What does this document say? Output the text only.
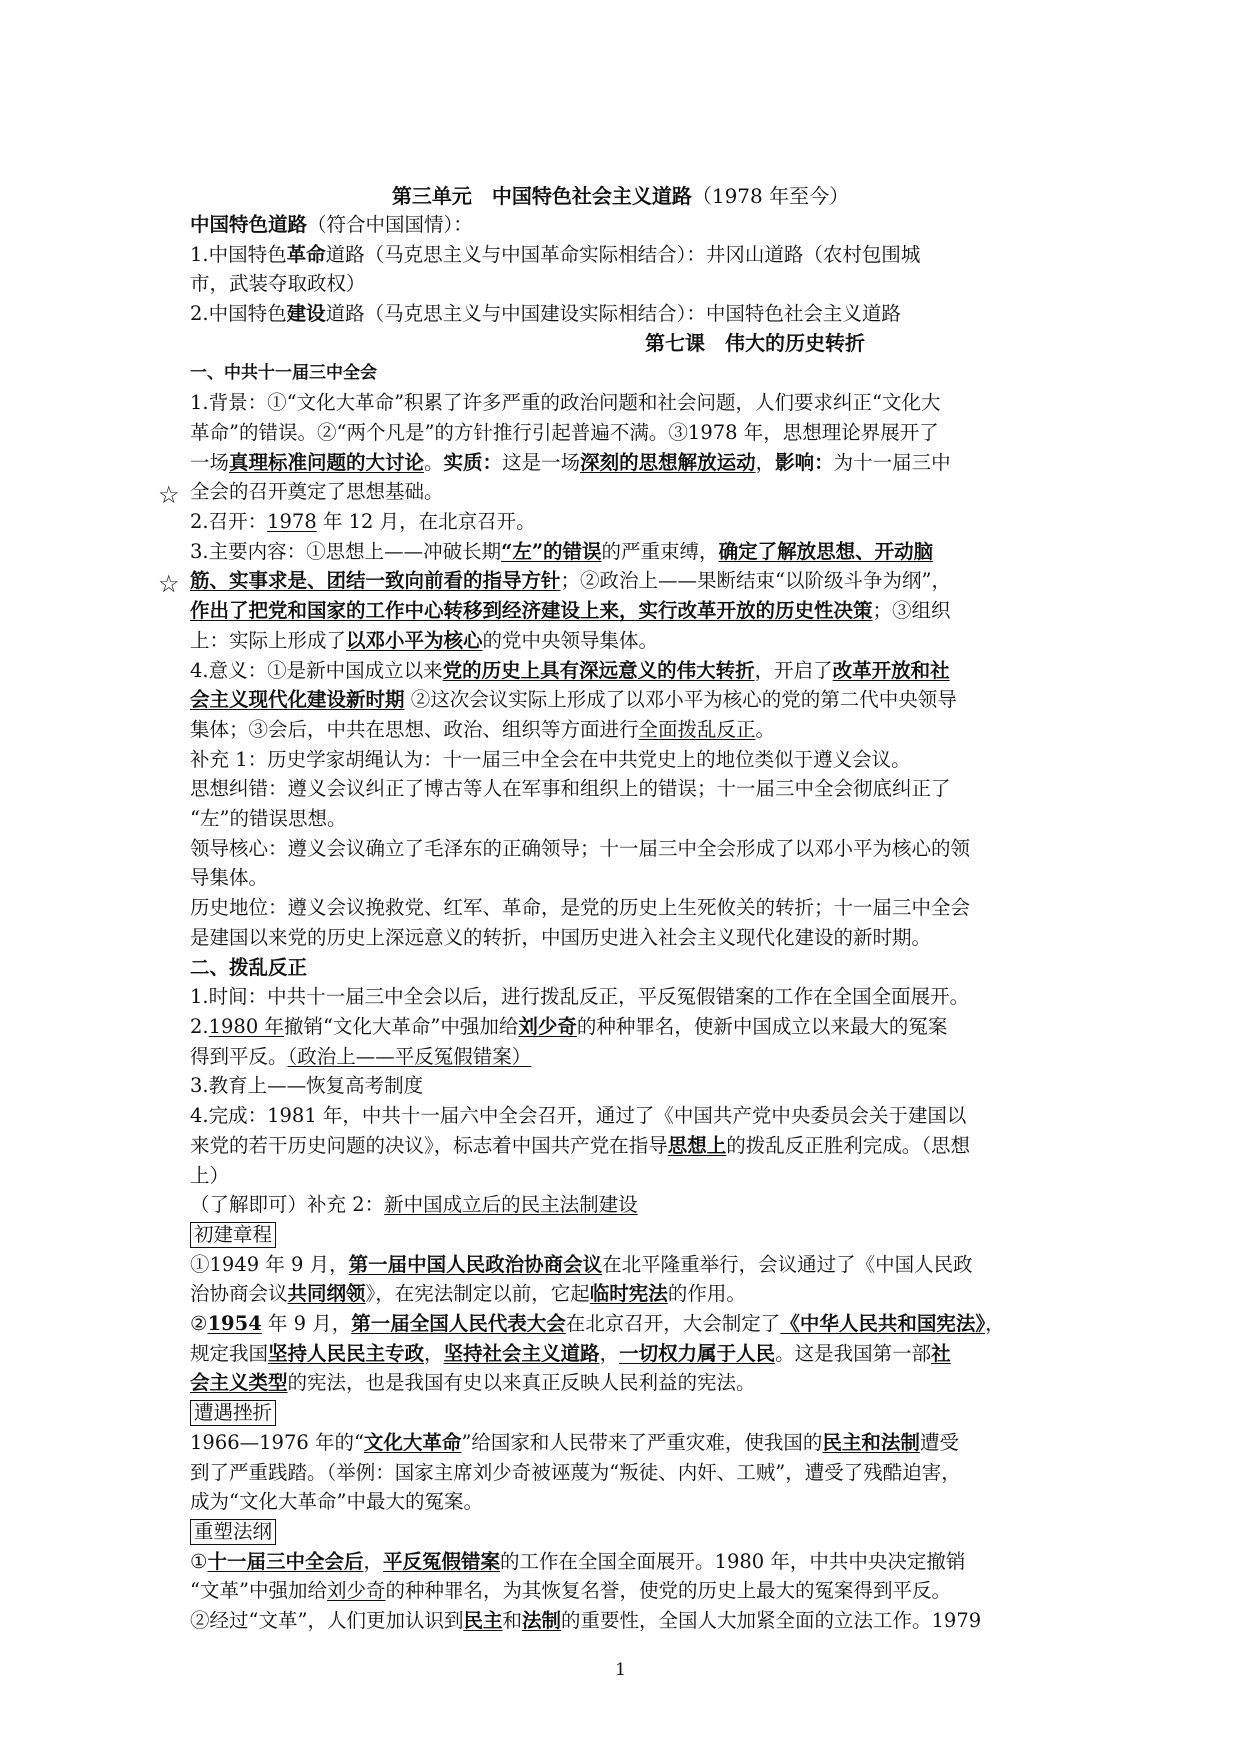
第三单元　 中国特色社会主义道路（1978 年至今）

中国特色道路（符合中国国情）：

1.中国特色革命道路（马克思主义与中国革命实际相结合）：井冈山道路（农村包围城

市，武装夺取政权）

2.中国特色建设道路（马克思主义与中国建设实际相结合）：中国特色社会主义道路

第七课　伟大的历史转折

一、中共十一届三中全会

1.背景：①“文化大革命”积累了许多严重的政治问题和社会问题，人们要求纠正“文化大

革命”的错误。②“两个凡是”的方针推行引起普遍不满。③1978 年，思想理论界展开了

一场真理标准问题的大讨论。实质：这是一场深刻的思想解放运动，影响：为十一届三中

全会的召开奠定了思想基础。

2.召开：1978 年 12 月，在北京召开。

3.主要内容：①思想上——冲破长期“左”的错误的严重束缚，确定了解放思想、开动脑

筋、实事求是、团结一致向前看的指导方针；②政治上——果断结束“以阶级斗争为纲”，

作出了把党和国家的工作中心转移到经济建设上来，实行改革开放的历史性决策；③组织

上：实际上形成了以邓小平为核心的党中央领导集体。

4.意义：①是新中国成立以来党的历史上具有深远意义的伟大转折，开启了改革开放和社

会主义现代化建设新时期 ②这次会议实际上形成了以邓小平为核心的党的第二代中央领导

集体；③会后，中共在思想、政治、组织等方面进行全面拨乱反正。

补充 1：历史学家胡绳认为：十一届三中全会在中共党史上的地位类似于遵义会议。

思想纠错：遵义会议纠正了博古等人在军事和组织上的错误；十一届三中全会彻底纠正了

“左”的错误思想。

领导核心：遵义会议确立了毛泽东的正确领导；十一届三中全会形成了以邓小平为核心的领

导集体。

历史地位：遵义会议挽救党、红军、革命，是党的历史上生死攸关的转折；十一届三中全会

是建国以来党的历史上深远意义的转折，中国历史进入社会主义现代化建设的新时期。

二、拨乱反正

1.时间：中共十一届三中全会以后，进行拨乱反正，平反冤假错案的工作在全国全面展开。

2.1980 年撤销“文化大革命”中强加给刘少奇的种种罪名，使新中国成立以来最大的冤案

得到平反。（政治上——平反冤假错案）

3.教育上——恢复高考制度

4.完成：1981 年，中共十一届六中全会召开，通过了《中国共产党中央委员会关于建国以

来党的若干历史问题的决议》，标志着中国共产党在指导思想上的拨乱反正胜利完成。（思想

上）

（了解即可）补充 2：新中国成立后的民主法制建设

初建章程

①1949 年 9 月，第一届中国人民政治协商会议在北平隆重举行，会议通过了《中国人民政

治协商会议共同纲领》，在宪法制定以前，它起临时宪法的作用。

②1954 年 9 月，第一届全国人民代表大会在北京召开，大会制定了《中华人民共和国宪法》，

规定我国坚持人民民主专政，坚持社会主义道路，一切权力属于人民。这是我国第一部社

会主义类型的宪法，也是我国有史以来真正反映人民利益的宪法。

遭遇挫折

1966—1976 年的“文化大革命”给国家和人民带来了严重灾难，使我国的民主和法制遭受

到了严重践踏。（举例：国家主席刘少奇被诬蔑为“叛徒、内奸、工贼”，遭受了残酷迫害，

成为“文化大革命”中最大的冤案。

重塑法纲

①十一届三中全会后，平反冤假错案的工作在全国全面展开。1980 年，中共中央决定撤销

“文革”中强加给刘少奇的种种罪名，为其恢复名誉，使党的历史上最大的冤案得到平反。

②经过“文革”，人们更加认识到民主和法制的重要性，全国人大加紧全面的立法工作。1979

☆
☆
1
